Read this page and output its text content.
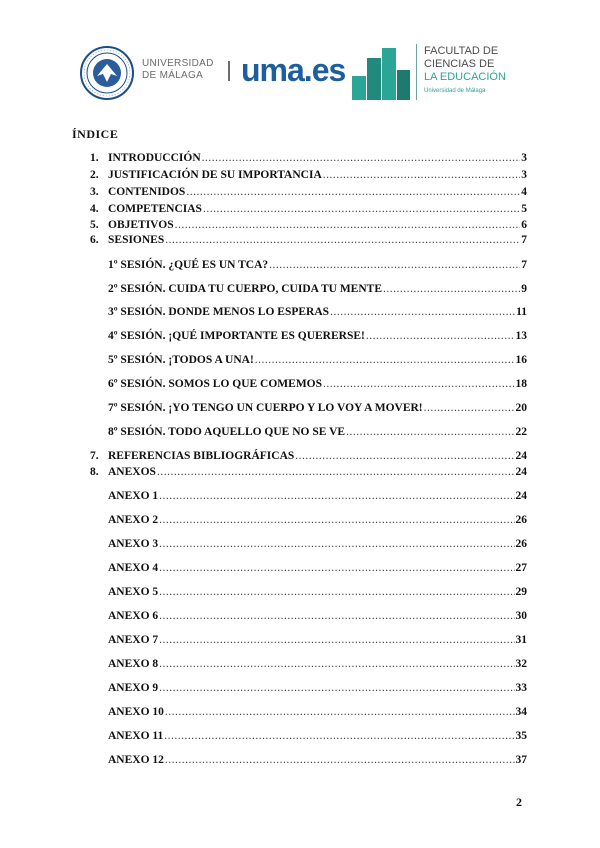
UNIVERSIDAD
DE MÁLAGA	uma.es
FACULTAD DE
CIENCIAS DE
LA EDUCACIÓN
Universidad de Málaga
ÍNDICE
1. INTRODUCCIÓN .....	3
2. JUSTIFICACIÓN DE SU IMPORTANCIA .....	3
3. CONTENIDOS .....	4
4. COMPETENCIAS .....	5
5. OBJETIVOS .....	6
6. SESIONES .....	7
1º SESIÓN. ¿QUÉ ES UN TCA? .....	7
2º SESIÓN. CUIDA TU CUERPO, CUIDA TU MENTE .....	9
3º SESIÓN. DONDE MENOS LO ESPERAS .....	11
4º SESIÓN. ¡QUÉ IMPORTANTE ES QUERERSE! .....	13
5º SESIÓN. ¡TODOS A UNA! .....	16
6º SESIÓN. SOMOS LO QUE COMEMOS .....	18
7º SESIÓN. ¡YO TENGO UN CUERPO Y LO VOY A MOVER! .....	20
8º SESIÓN. TODO AQUELLO QUE NO SE VE .....	22
7. REFERENCIAS BIBLIOGRÁFICAS .....	24
8. ANEXOS .....	24
ANEXO 1 .....	24
ANEXO 2 .....	26
ANEXO 3 .....	26
ANEXO 4 .....	27
ANEXO 5 .....	29
ANEXO 6 .....	30
ANEXO 7 .....	31
ANEXO 8 .....	32
ANEXO 9 .....	33
ANEXO 10 .....	34
ANEXO 11 .....	35
ANEXO 12 .....	37
2
